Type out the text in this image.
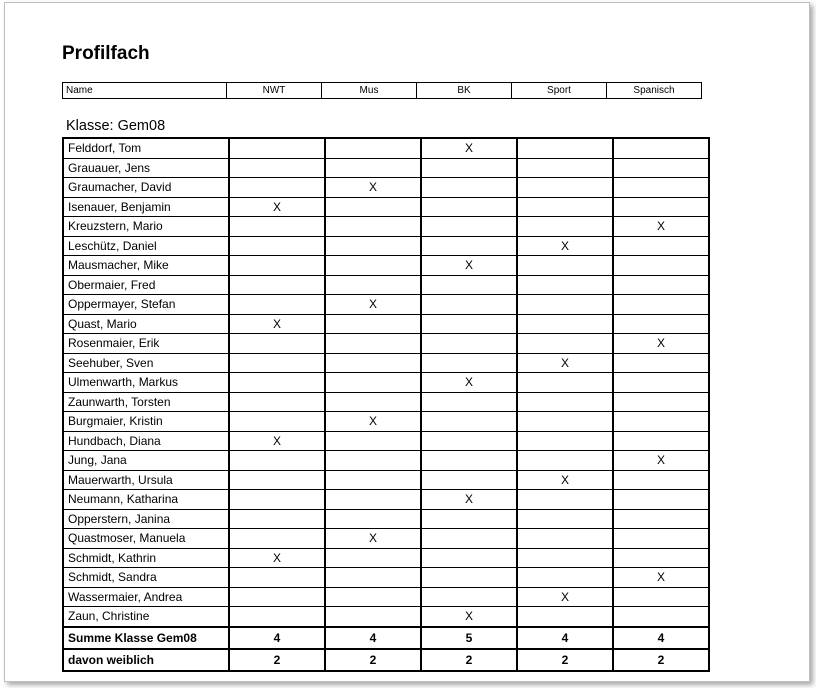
Profilfach
Name	NWT	Mus	BK	Sport	Spanisch
Klasse: Gem08
Felddorf, Tom			X		
Grauauer, Jens					
Graumacher, David		X			
Isenauer, Benjamin	X				
Kreuzstern, Mario					X
Leschütz, Daniel				X	
Mausmacher, Mike			X		
Obermaier, Fred					
Oppermayer, Stefan		X			
Quast, Mario	X				
Rosenmaier, Erik					X
Seehuber, Sven				X	
Ulmenwarth, Markus			X		
Zaunwarth, Torsten					
Burgmaier, Kristin		X			
Hundbach, Diana	X				
Jung, Jana					X
Mauerwarth, Ursula				X	
Neumann, Katharina			X		
Opperstern, Janina					
Quastmoser, Manuela		X			
Schmidt, Kathrin	X				
Schmidt, Sandra					X
Wassermaier, Andrea				X	
Zaun, Christine			X		
Summe Klasse Gem08	4	4	5	4	4
davon weiblich	2	2	2	2	2
